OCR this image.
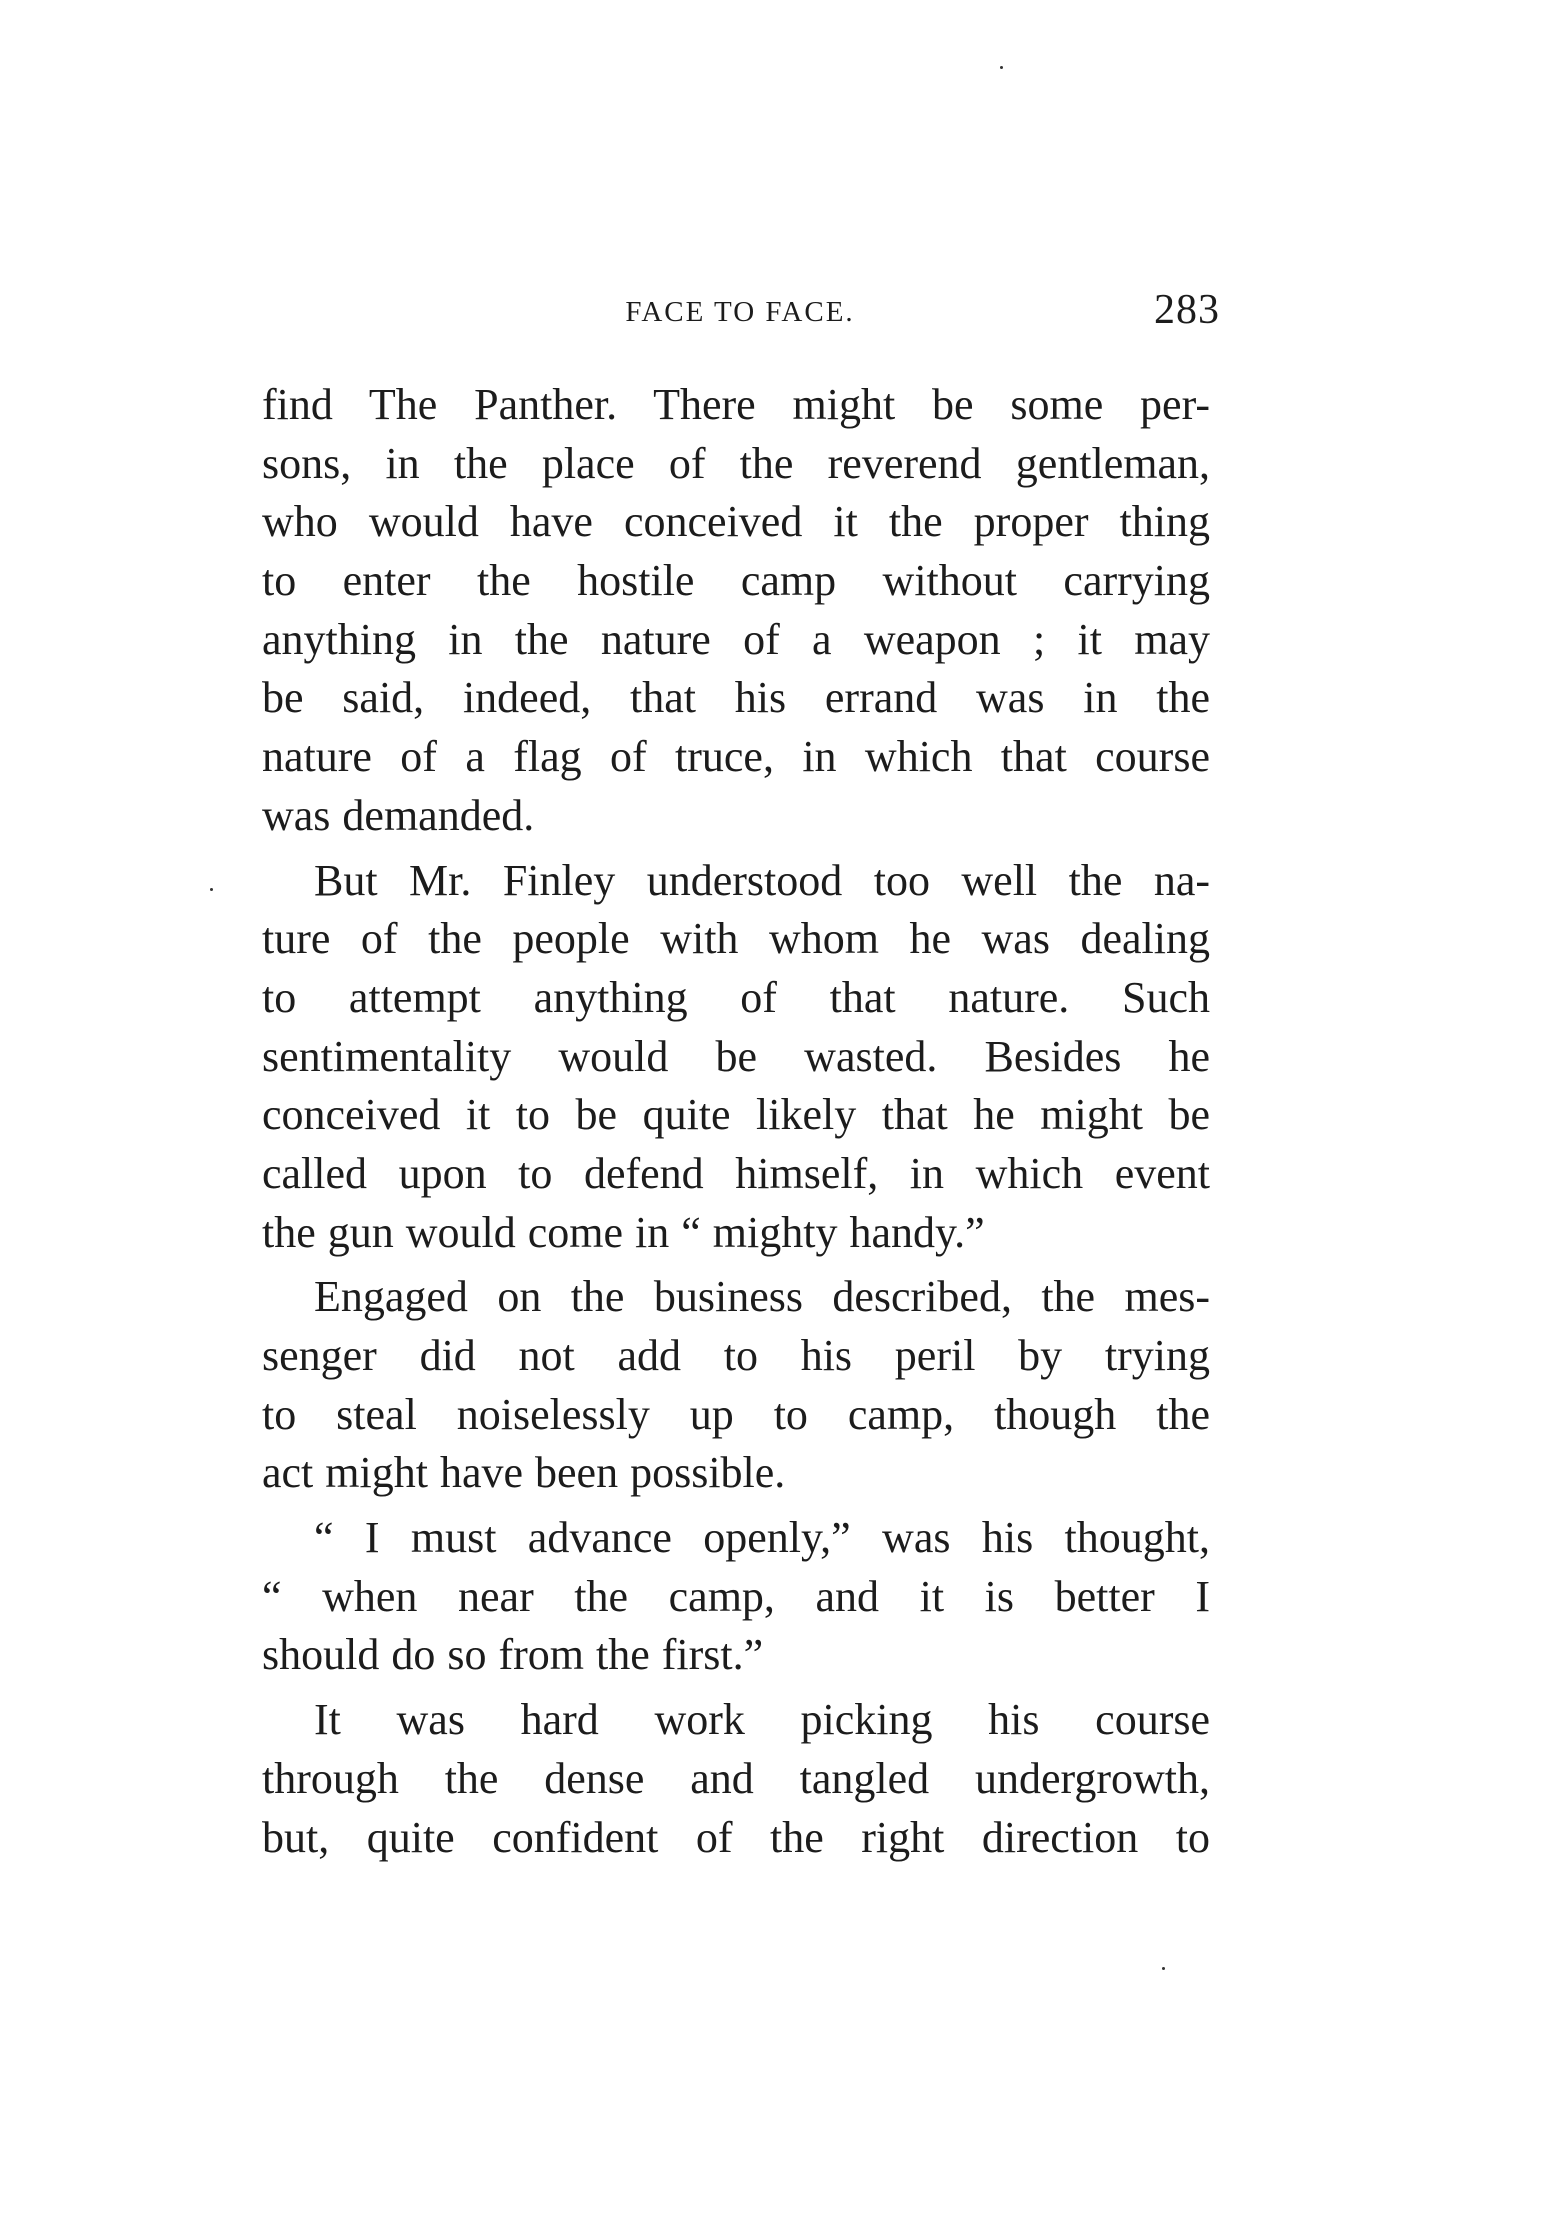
FACE TO FACE.	283
find The Panther. There might be some per-
sons, in the place of the reverend gentleman,
who would have conceived it the proper thing
to enter the hostile camp without carrying
anything in the nature of a weapon ; it may
be said, indeed, that his errand was in the
nature of a flag of truce, in which that course
was demanded.
But Mr. Finley understood too well the na-
ture of the people with whom he was dealing
to attempt anything of that nature. Such
sentimentality would be wasted. Besides he
conceived it to be quite likely that he might be
called upon to defend himself, in which event
the gun would come in “ mighty handy.”
Engaged on the business described, the mes-
senger did not add to his peril by trying
to steal noiselessly up to camp, though the
act might have been possible.
“ I must advance openly,” was his thought,
“ when near the camp, and it is better I
should do so from the first.”
It was hard work picking his course
through the dense and tangled undergrowth,
but, quite confident of the right direction to
